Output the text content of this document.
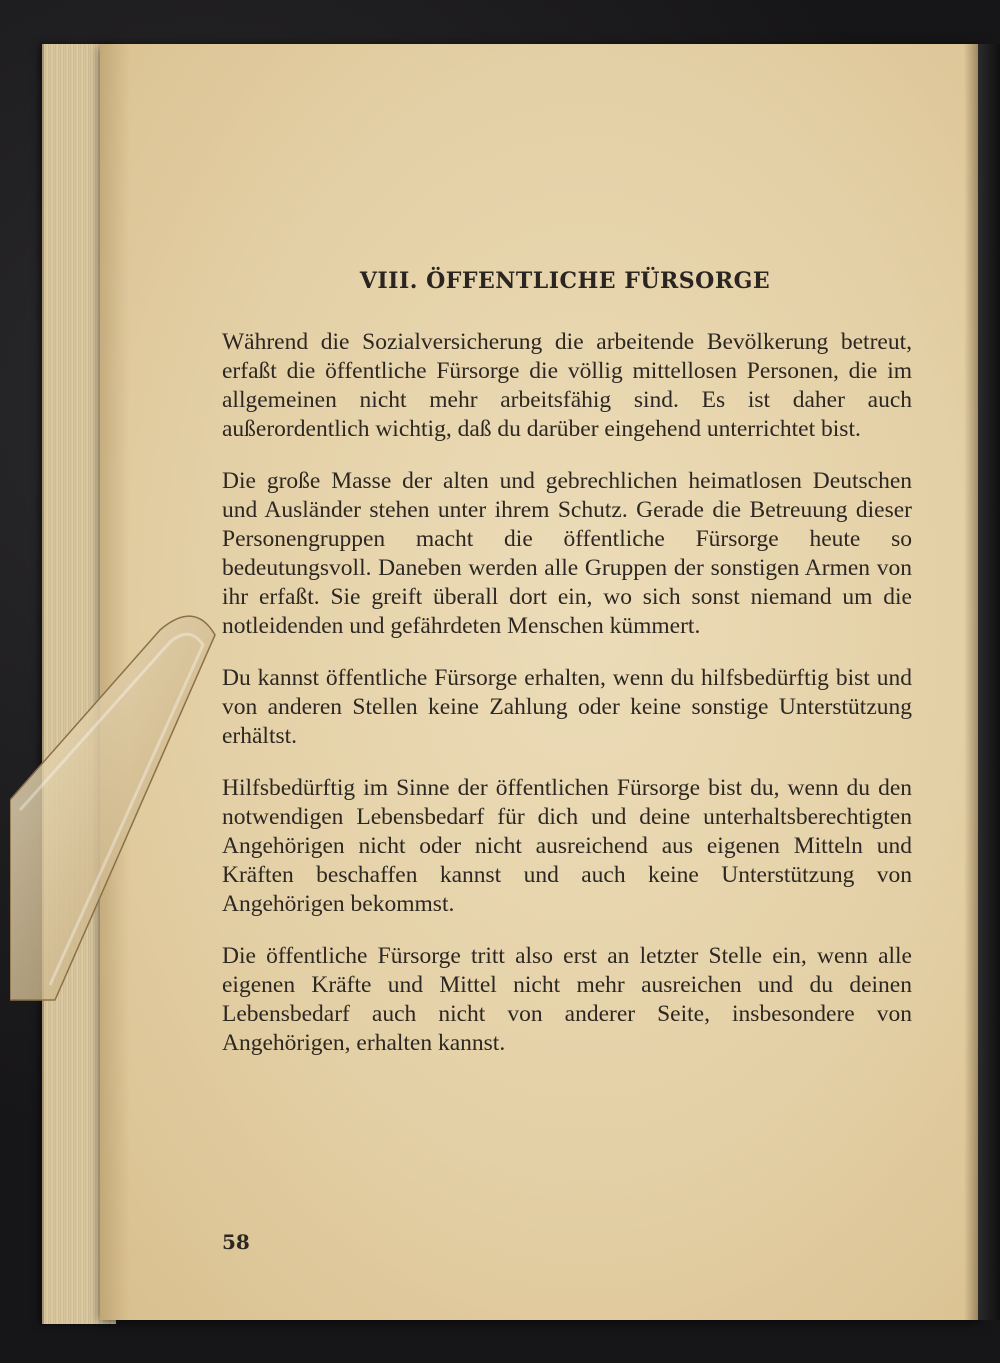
VIII. ÖFFENTLICHE FÜRSORGE

Während die Sozialversicherung die arbeitende Bevölkerung betreut, erfaßt die öffentliche Fürsorge die völlig mittellosen Personen, die im allgemeinen nicht mehr arbeitsfähig sind. Es ist daher auch außerordentlich wichtig, daß du darüber eingehend unterrichtet bist.

Die große Masse der alten und gebrechlichen heimatlosen Deutschen und Ausländer stehen unter ihrem Schutz. Gerade die Betreuung dieser Personengruppen macht die öffentliche Fürsorge heute so bedeutungsvoll. Daneben werden alle Gruppen der sonstigen Armen von ihr erfaßt. Sie greift überall dort ein, wo sich sonst niemand um die notleidenden und gefährdeten Menschen kümmert.

Du kannst öffentliche Fürsorge erhalten, wenn du hilfsbedürftig bist und von anderen Stellen keine Zahlung oder keine sonstige Unterstützung erhältst.

Hilfsbedürftig im Sinne der öffentlichen Fürsorge bist du, wenn du den notwendigen Lebensbedarf für dich und deine unterhaltsberechtigten Angehörigen nicht oder nicht ausreichend aus eigenen Mitteln und Kräften beschaffen kannst und auch keine Unterstützung von Angehörigen bekommst.

Die öffentliche Fürsorge tritt also erst an letzter Stelle ein, wenn alle eigenen Kräfte und Mittel nicht mehr ausreichen und du deinen Lebensbedarf auch nicht von anderer Seite, insbesondere von Angehörigen, erhalten kannst.

58
